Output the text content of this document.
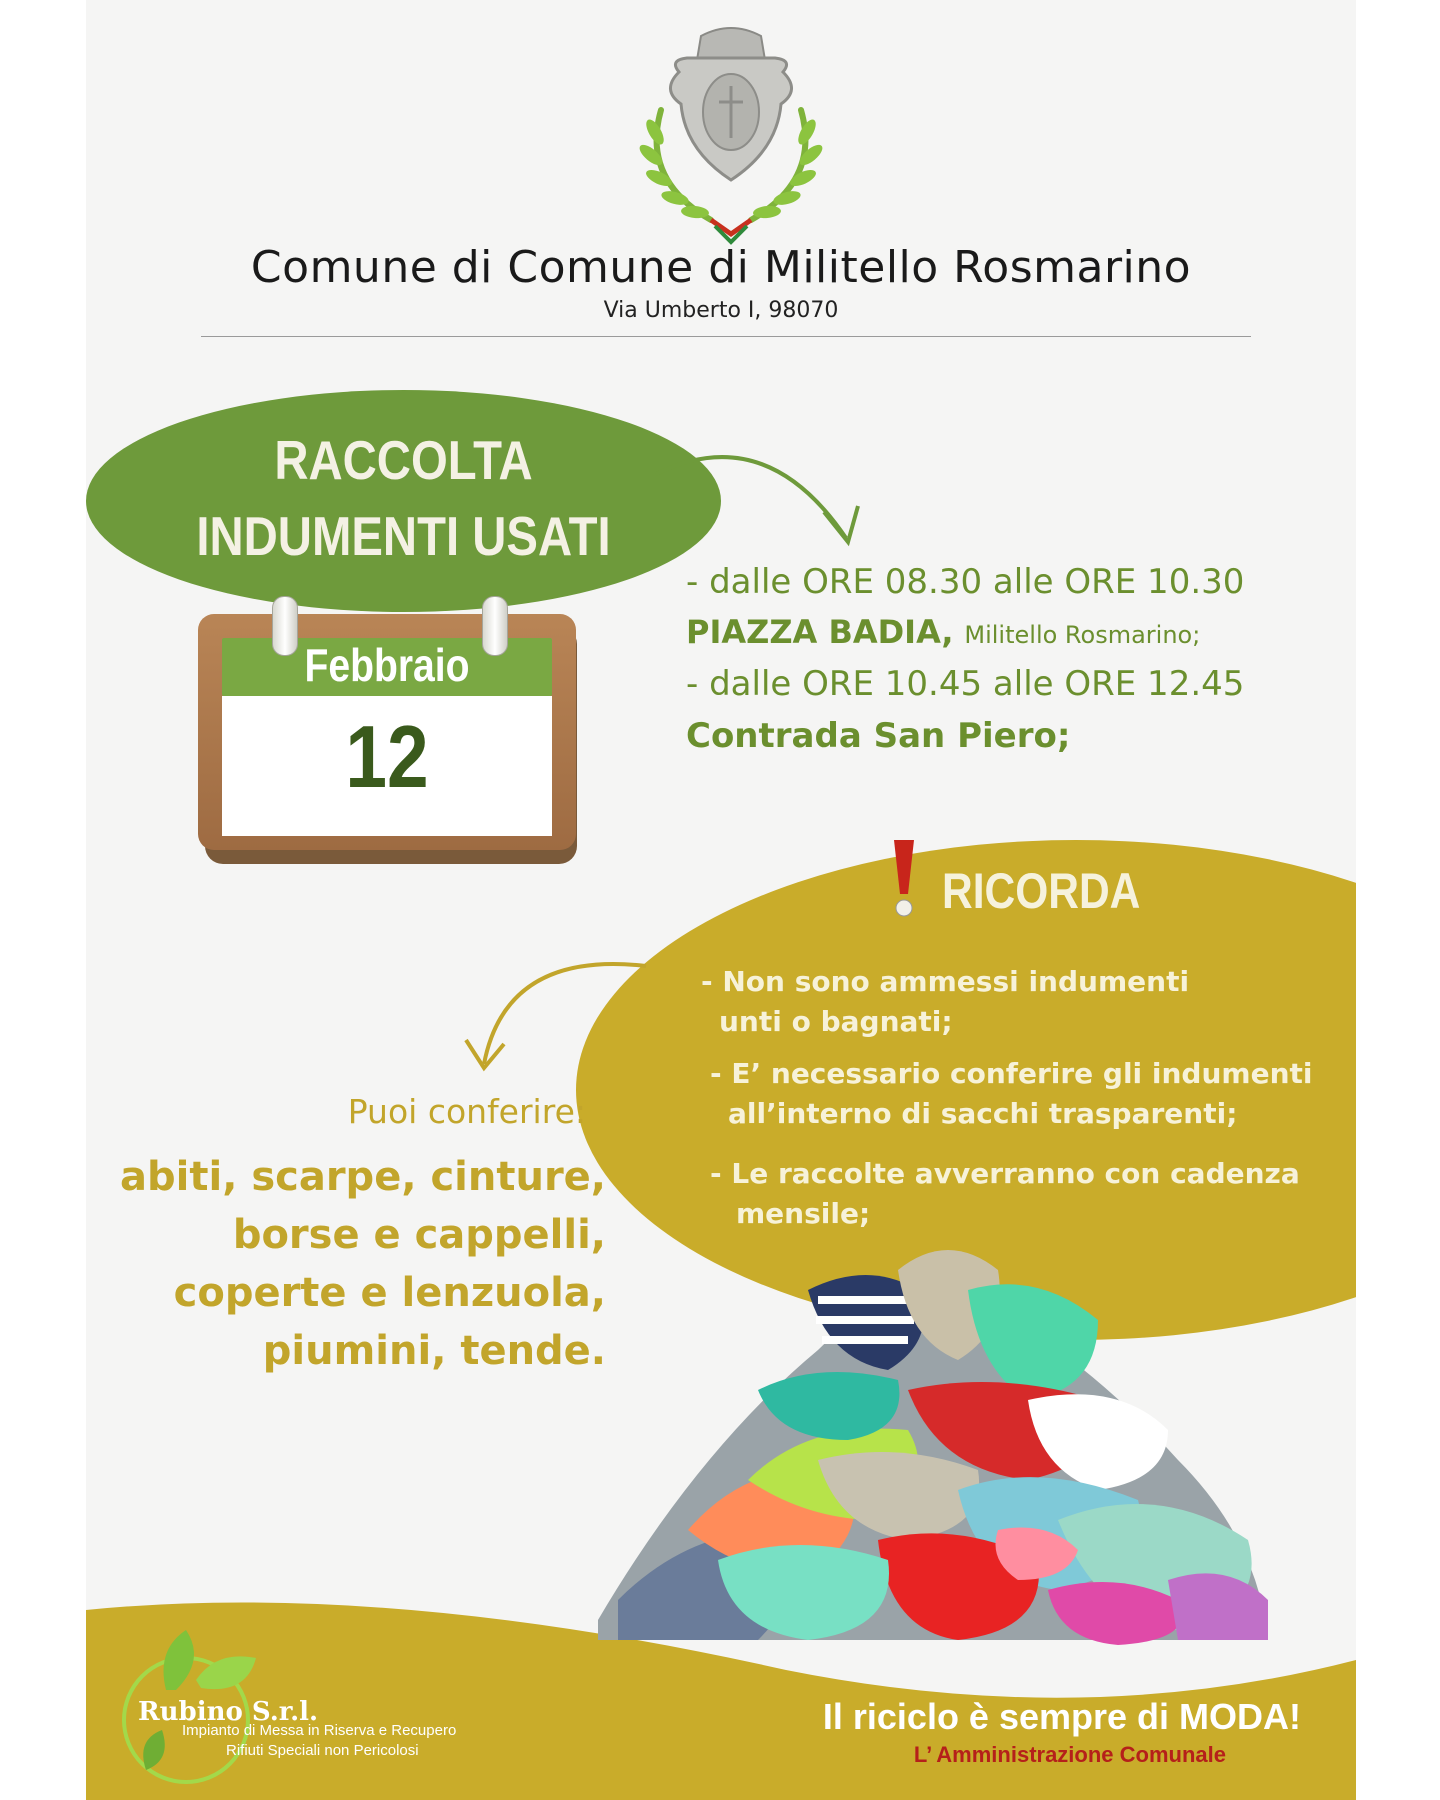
Comune di Comune di Militello Rosmarino
Via Umberto I, 98070
RACCOLTA
INDUMENTI USATI
Febbraio
12
- dalle ORE 08.30 alle ORE 10.30
PIAZZA BADIA, Militello Rosmarino;
- dalle ORE 10.45 alle ORE 12.45
Contrada San Piero;
RICORDA
- Non sono ammessi indumenti
unti o bagnati;
- E’ necessario conferire gli indumenti
all’interno di sacchi trasparenti;
- Le raccolte avverranno con cadenza
mensile;
Puoi conferire:
abiti, scarpe, cinture,
borse e cappelli,
coperte e lenzuola,
piumini, tende.
Rubino S.r.l.
Impianto di Messa in Riserva e Recupero
Rifiuti Speciali non Pericolosi
Il riciclo è sempre di MODA!
L’ Amministrazione Comunale
